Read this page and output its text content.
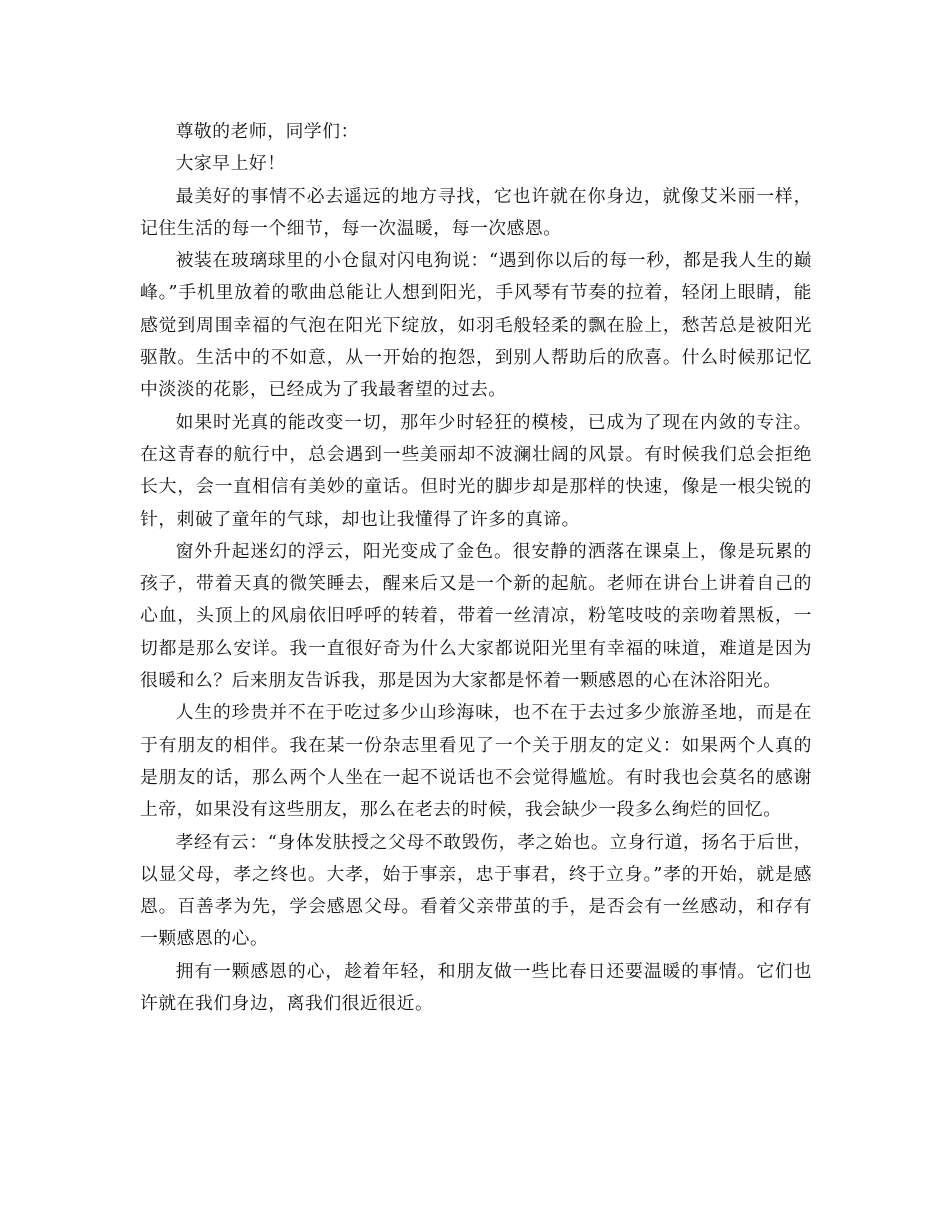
尊敬的老师，同学们：

大家早上好！

最美好的事情不必去遥远的地方寻找，它也许就在你身边，就像艾米丽一样，记住生活的每一个细节，每一次温暖，每一次感恩。

被装在玻璃球里的小仓鼠对闪电狗说：“遇到你以后的每一秒，都是我人生的巅峰。”手机里放着的歌曲总能让人想到阳光，手风琴有节奏的拉着，轻闭上眼睛，能感觉到周围幸福的气泡在阳光下绽放，如羽毛般轻柔的飘在脸上，愁苦总是被阳光驱散。生活中的不如意，从一开始的抱怨，到别人帮助后的欣喜。什么时候那记忆中淡淡的花影，已经成为了我最奢望的过去。

如果时光真的能改变一切，那年少时轻狂的模棱，已成为了现在内敛的专注。在这青春的航行中，总会遇到一些美丽却不波澜壮阔的风景。有时候我们总会拒绝长大，会一直相信有美妙的童话。但时光的脚步却是那样的快速，像是一根尖锐的针，刺破了童年的气球，却也让我懂得了许多的真谛。

窗外升起迷幻的浮云，阳光变成了金色。很安静的洒落在课桌上，像是玩累的孩子，带着天真的微笑睡去，醒来后又是一个新的起航。老师在讲台上讲着自己的心血，头顶上的风扇依旧呼呼的转着，带着一丝清凉，粉笔吱吱的亲吻着黑板，一切都是那么安详。我一直很好奇为什么大家都说阳光里有幸福的味道，难道是因为很暖和么？后来朋友告诉我，那是因为大家都是怀着一颗感恩的心在沐浴阳光。

人生的珍贵并不在于吃过多少山珍海味，也不在于去过多少旅游圣地，而是在于有朋友的相伴。我在某一份杂志里看见了一个关于朋友的定义：如果两个人真的是朋友的话，那么两个人坐在一起不说话也不会觉得尴尬。有时我也会莫名的感谢上帝，如果没有这些朋友，那么在老去的时候，我会缺少一段多么绚烂的回忆。

孝经有云：“身体发肤授之父母不敢毁伤，孝之始也。立身行道，扬名于后世，以显父母，孝之终也。大孝，始于事亲，忠于事君，终于立身。”孝的开始，就是感恩。百善孝为先，学会感恩父母。看着父亲带茧的手，是否会有一丝感动，和存有一颗感恩的心。

拥有一颗感恩的心，趁着年轻，和朋友做一些比春日还要温暖的事情。它们也许就在我们身边，离我们很近很近。
